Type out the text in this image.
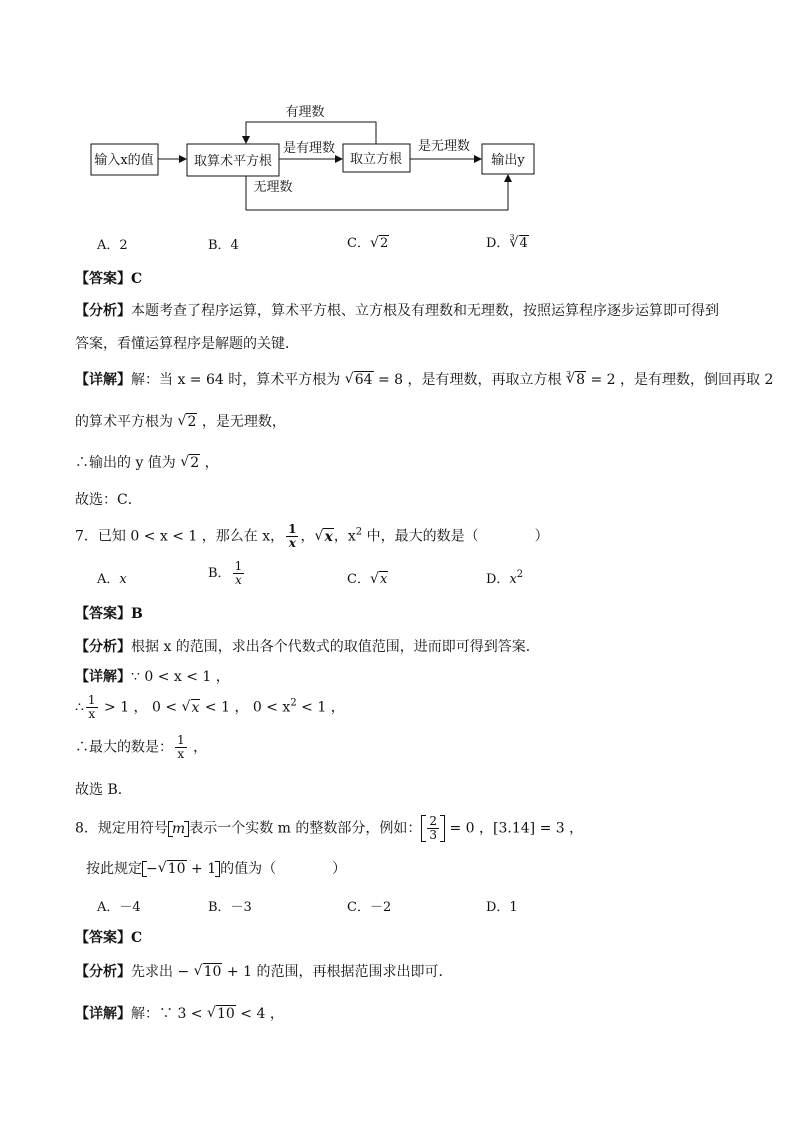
输入x的值	取算术平方根	取立方根	输出y
有理数
是有理数	是无理数
无理数
A．2	B．4	C． √ 2	D．$^3$ √ 4
【答案】C
【分析】本题考查了程序运算，算术平方根、立方根及有理数和无理数，按照运算程序逐步运算即可得到
答案，看懂运算程序是解题的关键．
【详解】解：当 x = 64 时，算术平方根为 √ 64 = 8 ，是有理数，再取立方根 $^3$ √ 8 = 2 ，是有理数，倒回再取 2
的算术平方根为 √ 2 ，是无理数，
∴输出的 y 值为 √ 2 ，
故选：C．
7．已知 0 < x < 1 ，那么在 x， $\frac{1}{x}$ ， √ x，$x^2$ 中，最大的数是（　　　　）
A．x	B． $\frac{1}{x}$	C． √ x	D．$x^2$
【答案】B
【分析】根据 x 的范围，求出各个代数式的取值范围，进而即可得到答案．
【详解】∵ 0 < x < 1 ，
∴ $\frac{1}{x} > 1$ ， 0 < √ x < 1 ， $0 < x^2 < 1$ ，
∴最大的数是： $\frac{1}{x}$ ，
故选 B．
8．规定用符号 m 表示一个实数 m 的整数部分，例如： $\frac{2}{3} = 0$ ，[3.14] = 3 ，
按此规定 − √ 10 + 1 的值为（　　　　）
A．－4	B．－3	C．－2	D．1
【答案】C
【分析】先求出 − √ 10 + 1 的范围，再根据范围求出即可．
【详解】解：∵ 3 < √ 10 < 4 ，
